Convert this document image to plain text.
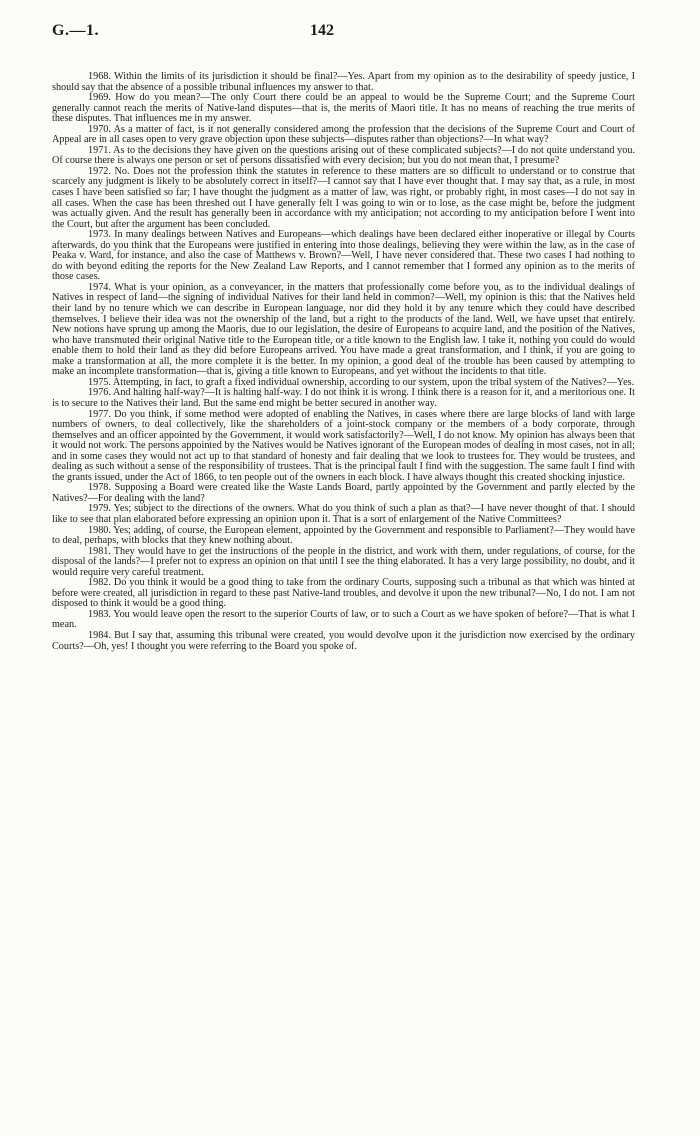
G.—1.	142

1968. Within the limits of its jurisdiction it should be final?—Yes. Apart from my opinion as to the desirability of speedy justice, I should say that the absence of a possible tribunal influences my answer to that.

1969. How do you mean?—The only Court there could be an appeal to would be the Supreme Court; and the Supreme Court generally cannot reach the merits of Native-land disputes—that is, the merits of Maori title. It has no means of reaching the true merits of these disputes. That influences me in my answer.

1970. As a matter of fact, is it not generally considered among the profession that the decisions of the Supreme Court and Court of Appeal are in all cases open to very grave objection upon these subjects—disputes rather than objections?—In what way?

1971. As to the decisions they have given on the questions arising out of these complicated subjects?—I do not quite understand you. Of course there is always one person or set of persons dissatisfied with every decision; but you do not mean that, I presume?

1972. No. Does not the profession think the statutes in reference to these matters are so difficult to understand or to construe that scarcely any judgment is likely to be absolutely correct in itself?—I cannot say that I have ever thought that. I may say that, as a rule, in most cases I have been satisfied so far; I have thought the judgment as a matter of law, was right, or probably right, in most cases—I do not say in all cases. When the case has been threshed out I have generally felt I was going to win or to lose, as the case might be, before the judgment was actually given. And the result has generally been in accordance with my anticipation; not according to my anticipation before I went into the Court, but after the argument has been concluded.

1973. In many dealings between Natives and Europeans—which dealings have been declared either inoperative or illegal by Courts afterwards, do you think that the Europeans were justified in entering into those dealings, believing they were within the law, as in the case of Peaka v. Ward, for instance, and also the case of Matthews v. Brown?—Well, I have never considered that. These two cases I had nothing to do with beyond editing the reports for the New Zealand Law Reports, and I cannot remember that I formed any opinion as to the merits of those cases.

1974. What is your opinion, as a conveyancer, in the matters that professionally come before you, as to the individual dealings of Natives in respect of land—the signing of individual Natives for their land held in common?—Well, my opinion is this: that the Natives held their land by no tenure which we can describe in European language, nor did they hold it by any tenure which they could have described themselves. I believe their idea was not the ownership of the land, but a right to the products of the land. Well, we have upset that entirely. New notions have sprung up among the Maoris, due to our legislation, the desire of Europeans to acquire land, and the position of the Natives, who have transmuted their original Native title to the European title, or a title known to the English law. I take it, nothing you could do would enable them to hold their land as they did before Europeans arrived. You have made a great transformation, and I think, if you are going to make a transformation at all, the more complete it is the better. In my opinion, a good deal of the trouble has been caused by attempting to make an incomplete transformation—that is, giving a title known to Europeans, and yet without the incidents to that title.

1975. Attempting, in fact, to graft a fixed individual ownership, according to our system, upon the tribal system of the Natives?—Yes.

1976. And halting half-way?—It is halting half-way. I do not think it is wrong. I think there is a reason for it, and a meritorious one. It is to secure to the Natives their land. But the same end might be better secured in another way.

1977. Do you think, if some method were adopted of enabling the Natives, in cases where there are large blocks of land with large numbers of owners, to deal collectively, like the shareholders of a joint-stock company or the members of a body corporate, through themselves and an officer appointed by the Government, it would work satisfactorily?—Well, I do not know. My opinion has always been that it would not work. The persons appointed by the Natives would be Natives ignorant of the European modes of dealing in most cases, not in all; and in some cases they would not act up to that standard of honesty and fair dealing that we look to trustees for. They would be trustees, and dealing as such without a sense of the responsibility of trustees. That is the principal fault I find with the suggestion. The same fault I find with the grants issued, under the Act of 1866, to ten people out of the owners in each block. I have always thought this created shocking injustice.

1978. Supposing a Board were created like the Waste Lands Board, partly appointed by the Government and partly elected by the Natives?—For dealing with the land?

1979. Yes; subject to the directions of the owners. What do you think of such a plan as that?—I have never thought of that. I should like to see that plan elaborated before expressing an opinion upon it. That is a sort of enlargement of the Native Committees?

1980. Yes; adding, of course, the European element, appointed by the Government and responsible to Parliament?—They would have to deal, perhaps, with blocks that they knew nothing about.

1981. They would have to get the instructions of the people in the district, and work with them, under regulations, of course, for the disposal of the lands?—I prefer not to express an opinion on that until I see the thing elaborated. It has a very large possibility, no doubt, and it would require very careful treatment.

1982. Do you think it would be a good thing to take from the ordinary Courts, supposing such a tribunal as that which was hinted at before were created, all jurisdiction in regard to these past Native-land troubles, and devolve it upon the new tribunal?—No, I do not. I am not disposed to think it would be a good thing.

1983. You would leave open the resort to the superior Courts of law, or to such a Court as we have spoken of before?—That is what I mean.

1984. But I say that, assuming this tribunal were created, you would devolve upon it the jurisdiction now exercised by the ordinary Courts?—Oh, yes! I thought you were referring to the Board you spoke of.
